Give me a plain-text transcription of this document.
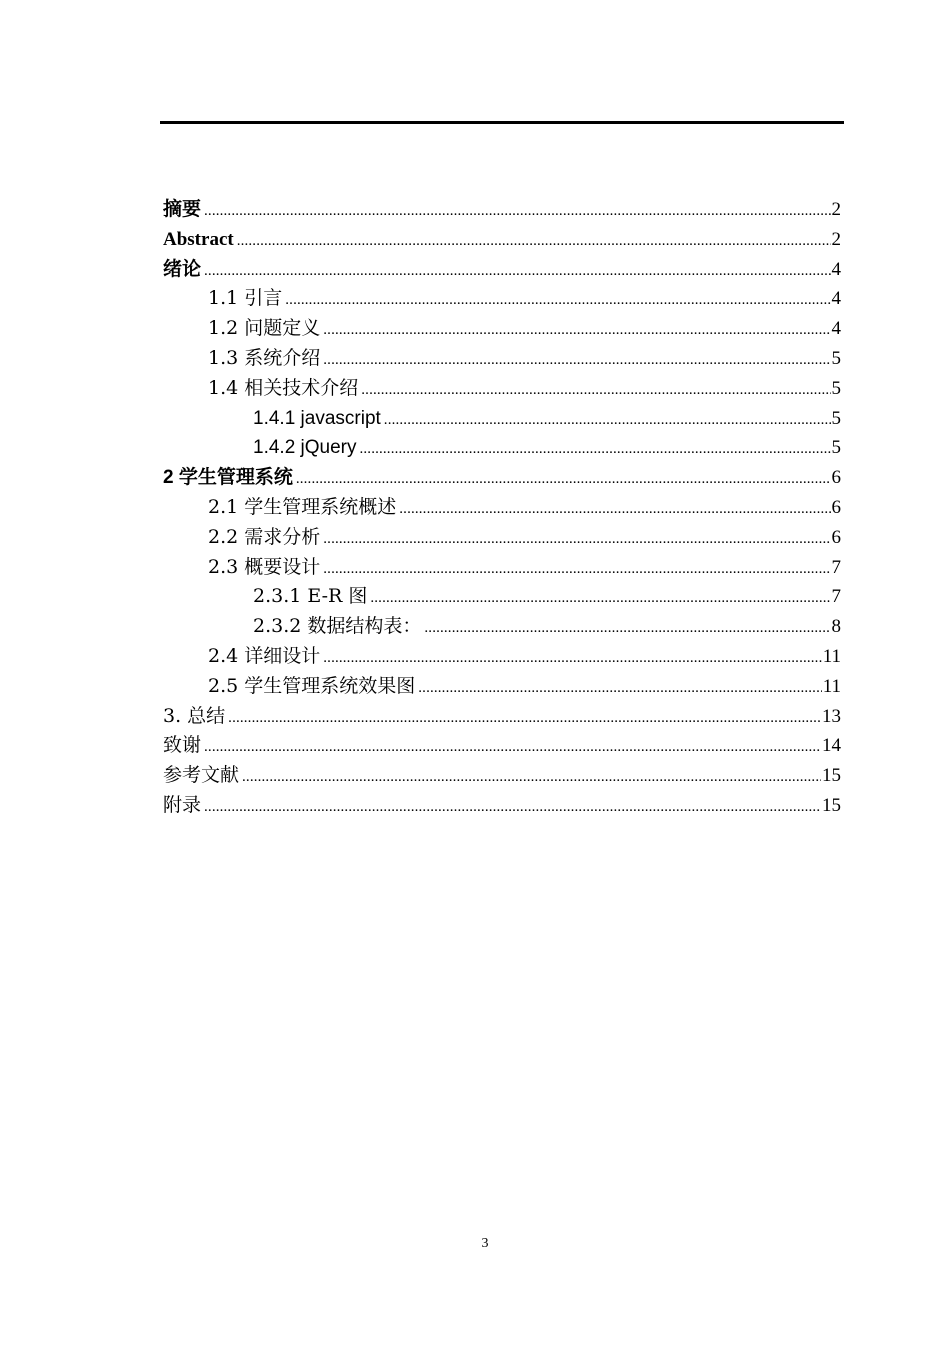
摘要 . . .	2
Abstract . . .	2
绪论 . . .	4
1.1 引言 . . .	4
1.2 问题定义 . . .	4
1.3 系统介绍 . . .	5
1.4 相关技术介绍 . . .	5
1.4.1 javascript . . .	5
1.4.2 jQuery . . .	5
2 学生管理系统 . . .	6
2.1 学生管理系统概述 . . .	6
2.2 需求分析 . . .	6
2.3 概要设计 . . .	7
2.3.1 E-R 图 . . .	7
2.3.2 数据结构表： . . .	8
2.4 详细设计 . . .	11
2.5 学生管理系统效果图 . . .	11
3. 总结 . . .	13
致谢 . . .	14
参考文献 . . .	15
附录 . . .	15
3
